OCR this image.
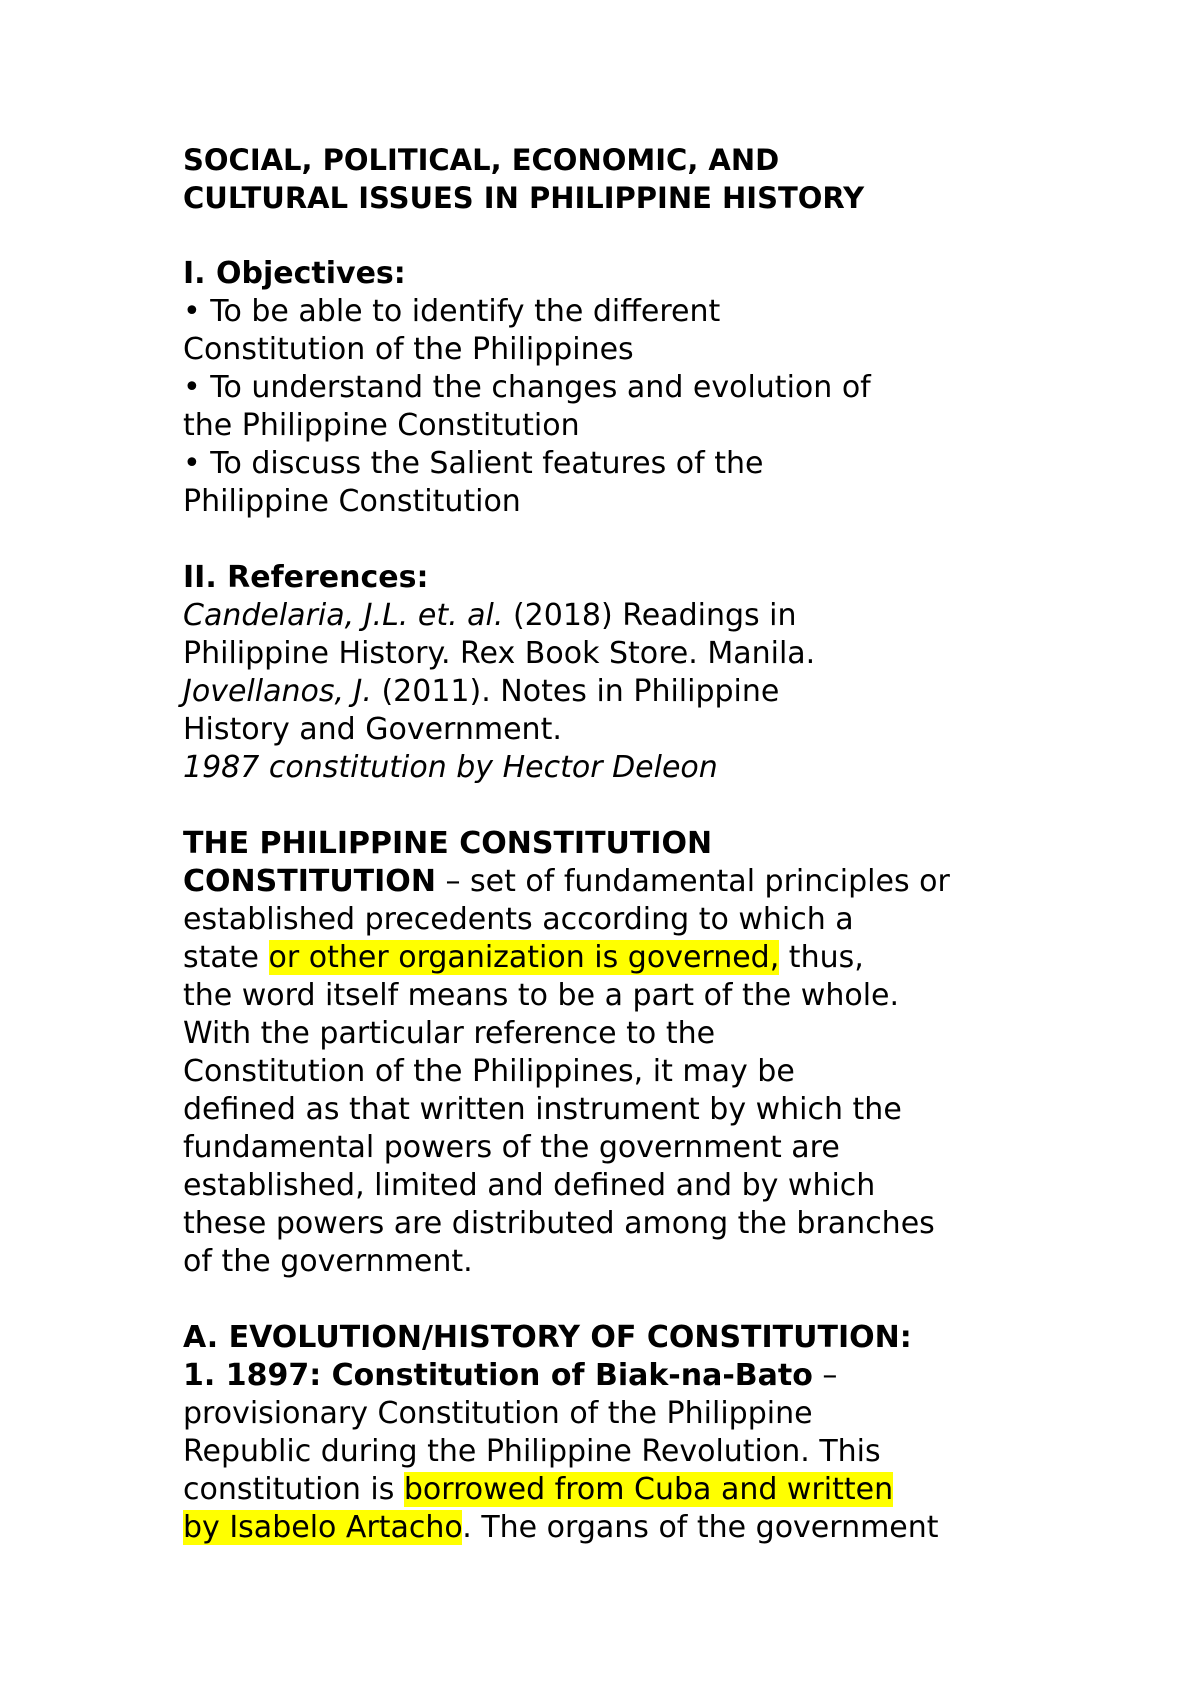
SOCIAL, POLITICAL, ECONOMIC, AND

CULTURAL ISSUES IN PHILIPPINE HISTORY

I. Objectives:

• To be able to identify the different

Constitution of the Philippines

• To understand the changes and evolution of

the Philippine Constitution

• To discuss the Salient features of the

Philippine Constitution

II. References:

Candelaria, J.L. et. al. (2018) Readings in

Philippine History. Rex Book Store. Manila.

Jovellanos, J. (2011). Notes in Philippine

History and Government.

1987 constitution by Hector Deleon

THE PHILIPPINE CONSTITUTION

CONSTITUTION – set of fundamental principles or

established precedents according to which a

state or other organization is governed, thus,

the word itself means to be a part of the whole.

With the particular reference to the

Constitution of the Philippines, it may be

defined as that written instrument by which the

fundamental powers of the government are

established, limited and defined and by which

these powers are distributed among the branches

of the government.

A. EVOLUTION/HISTORY OF CONSTITUTION:

1. 1897: Constitution of Biak-na-Bato –

provisionary Constitution of the Philippine

Republic during the Philippine Revolution. This

constitution is borrowed from Cuba and written

by Isabelo Artacho. The organs of the government
